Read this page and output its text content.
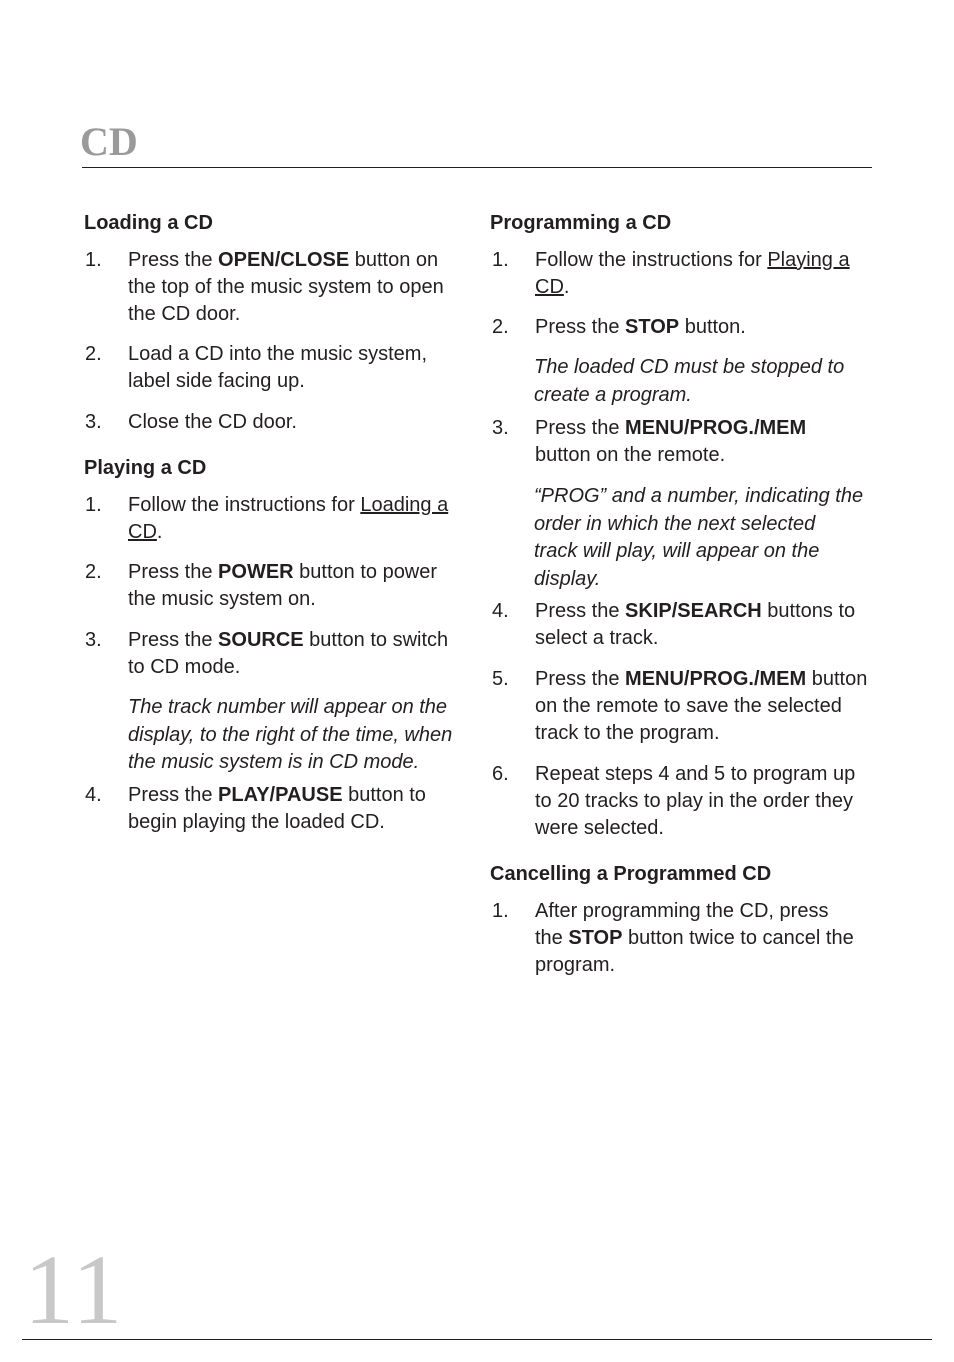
CD
Loading a CD
1. Press the OPEN/CLOSE button on the top of the music system to open the CD door.
2. Load a CD into the music system, label side facing up.
3. Close the CD door.
Playing a CD
1. Follow the instructions for Loading a CD.
2. Press the POWER button to power the music system on.
3. Press the SOURCE button to switch to CD mode.
The track number will appear on the display, to the right of the time, when the music system is in CD mode.
4. Press the PLAY/PAUSE button to begin playing the loaded CD.
Programming a CD
1. Follow the instructions for Playing a CD.
2. Press the STOP button.
The loaded CD must be stopped to create a program.
3. Press the MENU/PROG./MEM button on the remote.
“PROG” and a number, indicating the order in which the next selected track will play, will appear on the display.
4. Press the SKIP/SEARCH buttons to select a track.
5. Press the MENU/PROG./MEM button on the remote to save the selected track to the program.
6. Repeat steps 4 and 5 to program up to 20 tracks to play in the order they were selected.
Cancelling a Programmed CD
1. After programming the CD, press the STOP button twice to cancel the program.
11
